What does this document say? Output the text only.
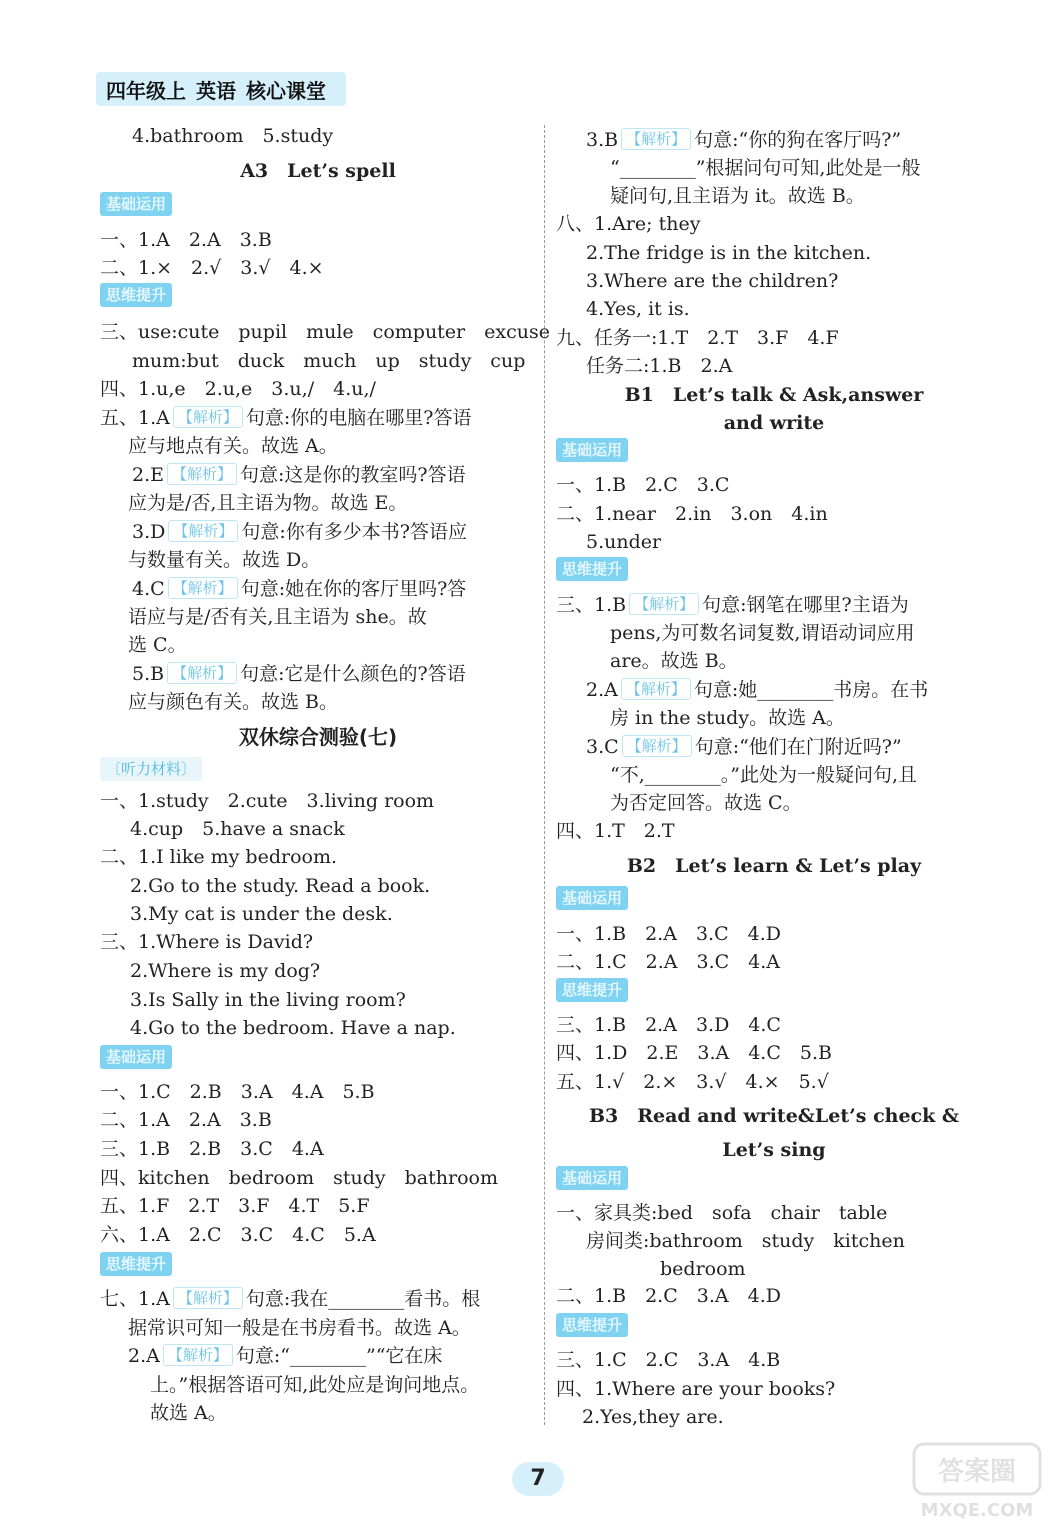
四年级上 英语 核心课堂
4.bathroom　5.study
A3　Let’s spell
基础运用
一、1.A　2.A　3.B
二、1.×　2.√　3.√　4.×
思维提升
三、use:cute　pupil　mule　computer　excuse
mum:but　duck　much　up　study　cup
四、1.u,e　2.u,e　3.u,/　4.u,/
五、1.A 【解析】 句意:你的电脑在哪里?答语
应与地点有关。故选 A。
2.E 【解析】 句意:这是你的教室吗?答语
应为是/否,且主语为物。故选 E。
3.D 【解析】 句意:你有多少本书?答语应
与数量有关。故选 D。
4.C 【解析】 句意:她在你的客厅里吗?答
语应与是/否有关,且主语为 she。故
选 C。
5.B 【解析】 句意:它是什么颜色的?答语
应与颜色有关。故选 B。
双休综合测验(七)
〔听力材料〕
一、1.study　2.cute　3.living room
4.cup　5.have a snack
二、1.I like my bedroom.
2.Go to the study. Read a book.
3.My cat is under the desk.
三、1.Where is David?
2.Where is my dog?
3.Is Sally in the living room?
4.Go to the bedroom. Have a nap.
基础运用
一、1.C　2.B　3.A　4.A　5.B
二、1.A　2.A　3.B
三、1.B　2.B　3.C　4.A
四、kitchen　bedroom　study　bathroom
五、1.F　2.T　3.F　4.T　5.F
六、1.A　2.C　3.C　4.C　5.A
思维提升
七、1.A 【解析】 句意:我在________看书。根
据常识可知一般是在书房看书。故选 A。
2.A 【解析】 句意:“________”“它在床
上。”根据答语可知,此处应是询问地点。
故选 A。
3.B 【解析】 句意:“你的狗在客厅吗?”
“________”根据问句可知,此处是一般
疑问句,且主语为 it。故选 B。
八、1.Are; they
2.The fridge is in the kitchen.
3.Where are the children?
4.Yes, it is.
九、任务一:1.T　2.T　3.F　4.F
任务二:1.B　2.A
B1　Let’s talk & Ask,answer
and write
基础运用
一、1.B　2.C　3.C
二、1.near　2.in　3.on　4.in
5.under
思维提升
三、1.B 【解析】 句意:钢笔在哪里?主语为
pens,为可数名词复数,谓语动词应用
are。故选 B。
2.A 【解析】 句意:她________书房。在书
房 in the study。故选 A。
3.C 【解析】 句意:“他们在门附近吗?”
“不,________。”此处为一般疑问句,且
为否定回答。故选 C。
四、1.T　2.T
B2　Let’s learn & Let’s play
基础运用
一、1.B　2.A　3.C　4.D
二、1.C　2.A　3.C　4.A
思维提升
三、1.B　2.A　3.D　4.C
四、1.D　2.E　3.A　4.C　5.B
五、1.√　2.×　3.√　4.×　5.√
B3　Read and write&Let’s check &
Let’s sing
基础运用
一、家具类:bed　sofa　chair　table
房间类:bathroom　study　kitchen
bedroom
二、1.B　2.C　3.A　4.D
思维提升
三、1.C　2.C　3.A　4.B
四、1.Where are your books?
2.Yes,they are.
7	答案圈
MXQE.COM
